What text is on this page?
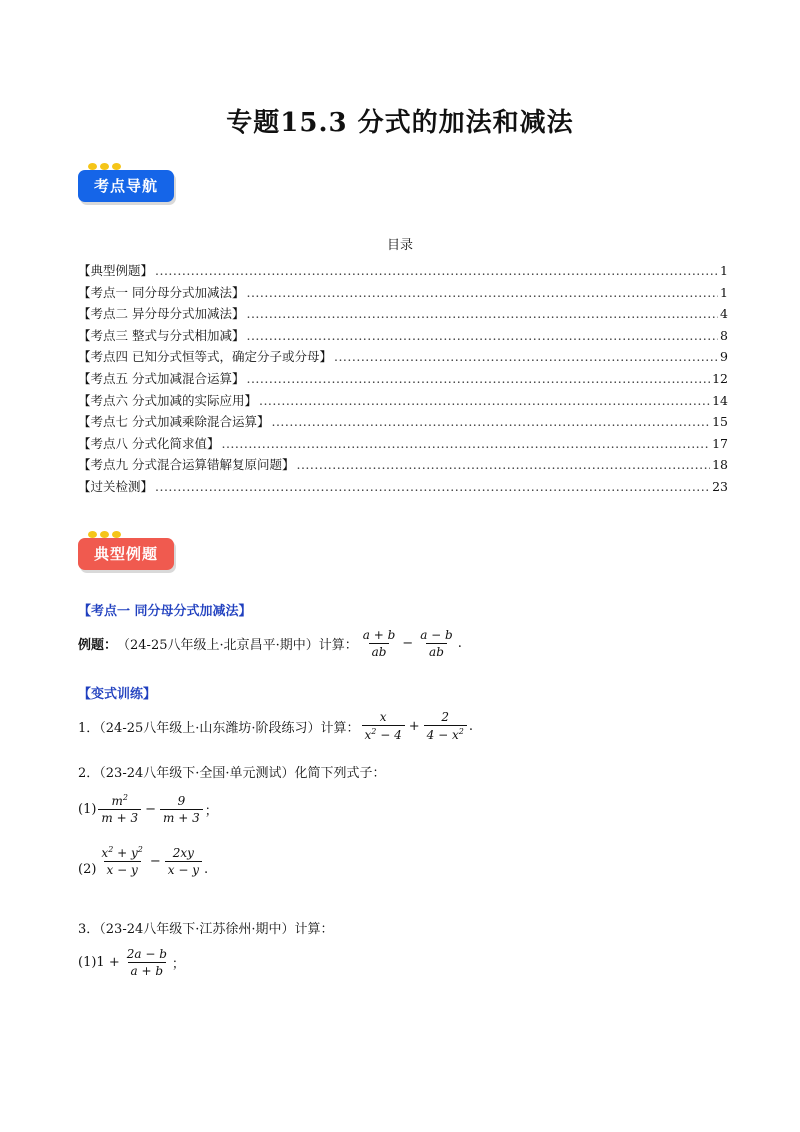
专题15.3 分式的加法和减法
考点导航
目录
【典型例题】 .....	1
【考点一 同分母分式加减法】 .....	1
【考点二 异分母分式加减法】 .....	4
【考点三 整式与分式相加减】 .....	8
【考点四 已知分式恒等式，确定分子或分母】 .....	9
【考点五 分式加减混合运算】 .....	12
【考点六 分式加减的实际应用】 .....	14
【考点七 分式加减乘除混合运算】 .....	15
【考点八 分式化简求值】 .....	17
【考点九 分式混合运算错解复原问题】 .....	18
【过关检测】 .....	23
典型例题
【考点一 同分母分式加减法】
例题： （24-25八年级上·北京昌平·期中）计算： $\frac{a + b}{ab} - \frac{a - b}{ab}$ .
【变式训练】
1．（24-25八年级上·山东潍坊·阶段练习）计算： $\frac{x}{x^2 - 4} + \frac{2}{4 - x^2}$ .
2．（23-24八年级下·全国·单元测试）化简下列式子：
$(1) \frac{m^2}{m + 3} - \frac{9}{m + 3}$ ；
$(2) \frac{x^2 + y^2}{x - y} - \frac{2xy}{x - y}$ .
3．（23-24八年级下·江苏徐州·期中）计算：
(1) $1 + \frac{2a - b}{a + b}$ ；
